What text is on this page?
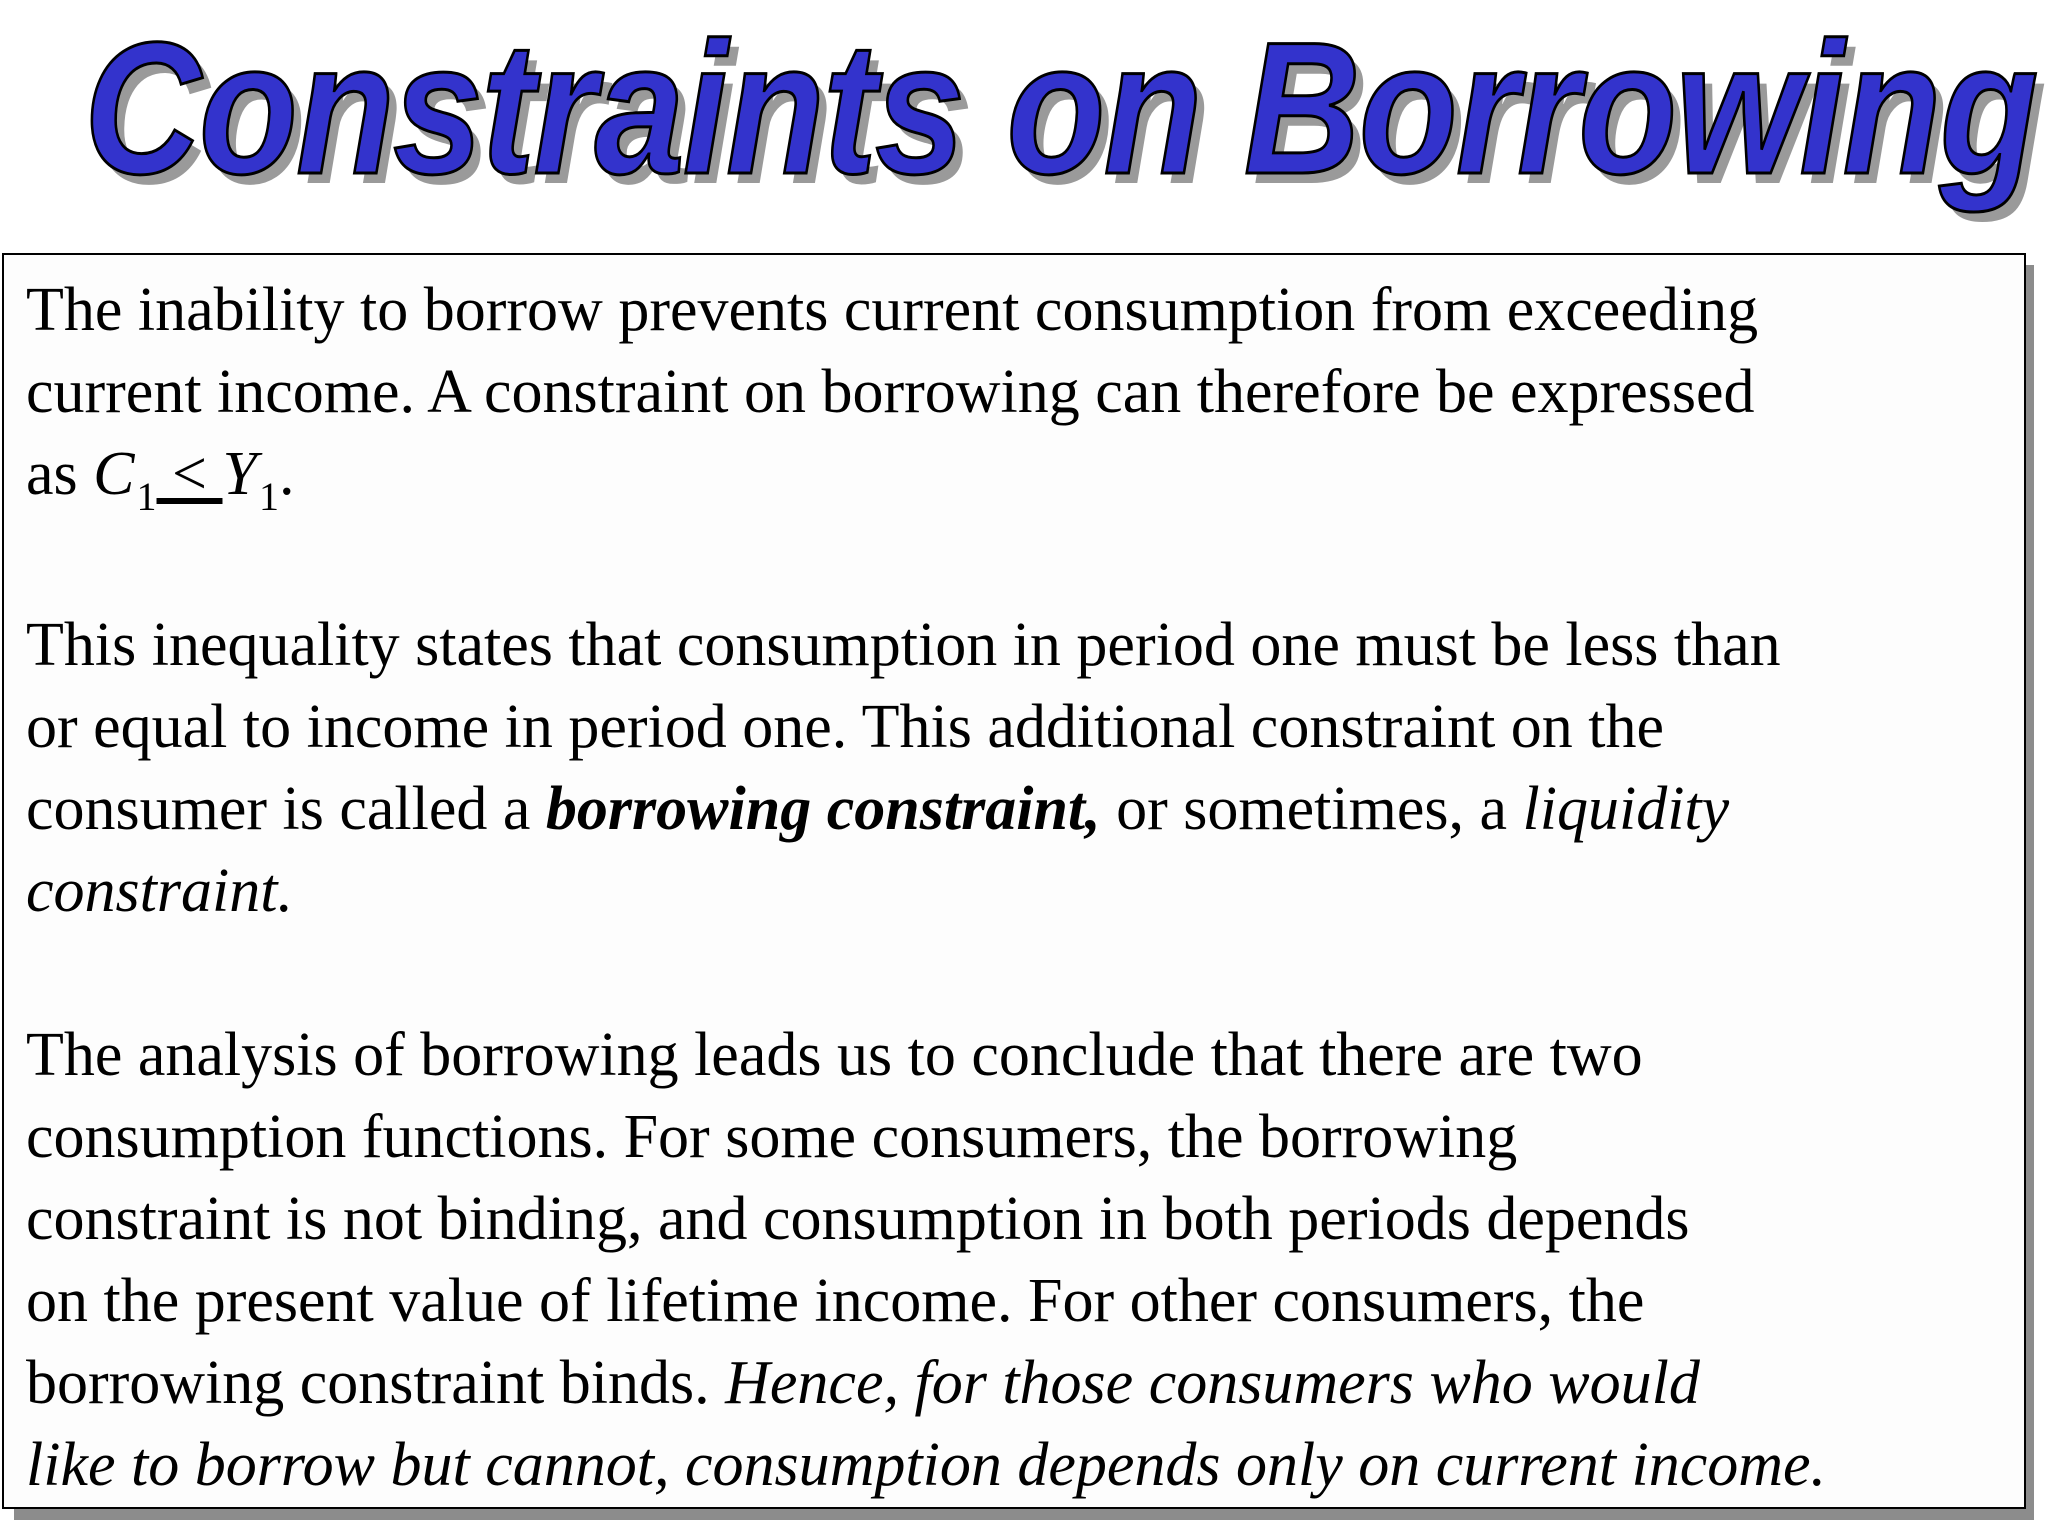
Constraints on Borrowing

The inability to borrow prevents current consumption from exceeding
current income. A constraint on borrowing can therefore be expressed
as $C_1 < Y_1$.

This inequality states that consumption in period one must be less than
or equal to income in period one. This additional constraint on the
consumer is called a borrowing constraint, or sometimes, a liquidity
constraint.

The analysis of borrowing leads us to conclude that there are two
consumption functions. For some consumers, the borrowing
constraint is not binding, and consumption in both periods depends
on the present value of lifetime income. For other consumers, the
borrowing constraint binds. Hence, for those consumers who would
like to borrow but cannot, consumption depends only on current income.
